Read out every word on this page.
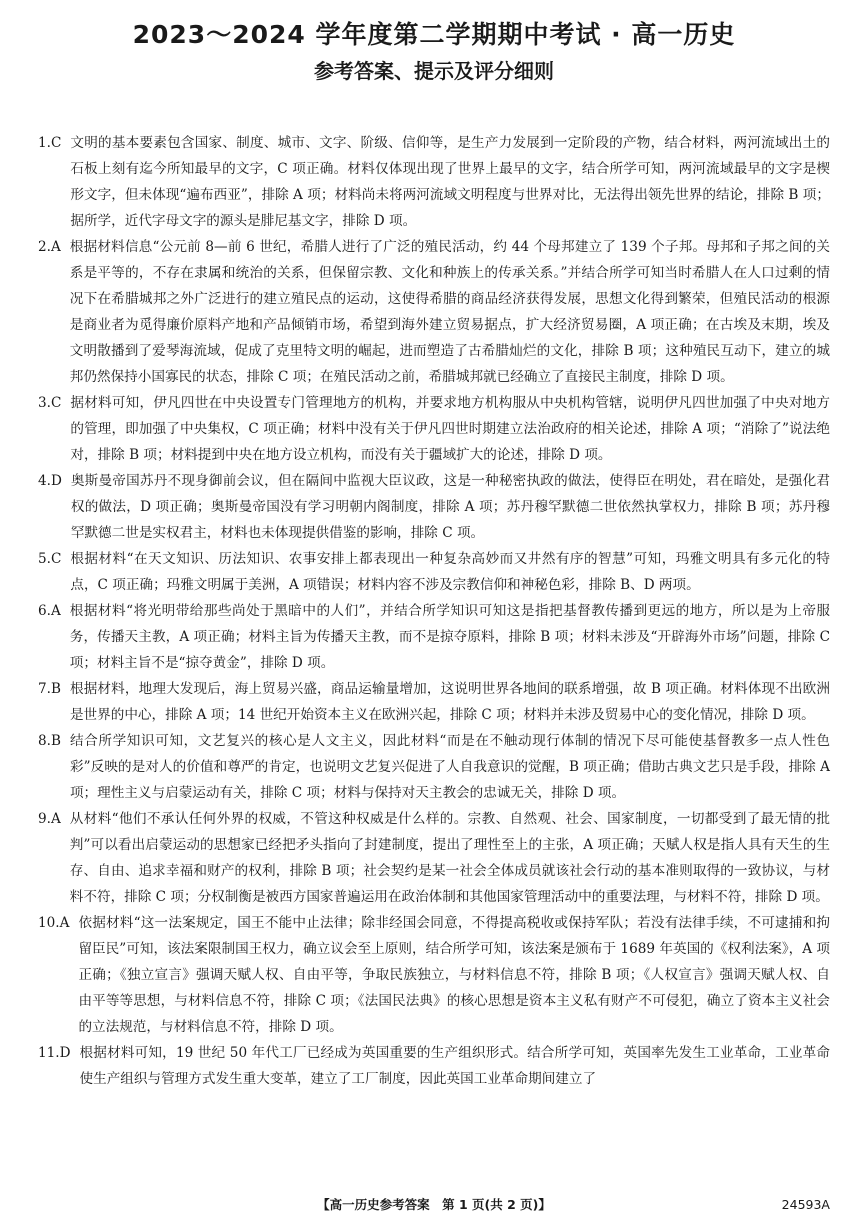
2023～2024 学年度第二学期期中考试 · 高一历史
参考答案、提示及评分细则
1.C 文明的基本要素包含国家、制度、城市、文字、阶级、信仰等，是生产力发展到一定阶段的产物，结合材料，两河流域出土的石板上刻有迄今所知最早的文字，C 项正确。材料仅体现出现了世界上最早的文字，结合所学可知，两河流域最早的文字是楔形文字，但未体现“遍布西亚”，排除 A 项；材料尚未将两河流域文明程度与世界对比，无法得出领先世界的结论，排除 B 项；据所学，近代字母文字的源头是腓尼基文字，排除 D 项。
2.A 根据材料信息“公元前 8—前 6 世纪，希腊人进行了广泛的殖民活动，约 44 个母邦建立了 139 个子邦。母邦和子邦之间的关系是平等的，不存在隶属和统治的关系，但保留宗教、文化和种族上的传承关系。”并结合所学可知当时希腊人在人口过剩的情况下在希腊城邦之外广泛进行的建立殖民点的运动，这使得希腊的商品经济获得发展，思想文化得到繁荣，但殖民活动的根源是商业者为觅得廉价原料产地和产品倾销市场，希望到海外建立贸易据点，扩大经济贸易圈，A 项正确；在古埃及末期，埃及文明散播到了爱琴海流域，促成了克里特文明的崛起，进而塑造了古希腊灿烂的文化，排除 B 项；这种殖民互动下，建立的城邦仍然保持小国寡民的状态，排除 C 项；在殖民活动之前，希腊城邦就已经确立了直接民主制度，排除 D 项。
3.C 据材料可知，伊凡四世在中央设置专门管理地方的机构，并要求地方机构服从中央机构管辖，说明伊凡四世加强了中央对地方的管理，即加强了中央集权，C 项正确；材料中没有关于伊凡四世时期建立法治政府的相关论述，排除 A 项；“消除了”说法绝对，排除 B 项；材料提到中央在地方设立机构，而没有关于疆域扩大的论述，排除 D 项。
4.D 奥斯曼帝国苏丹不现身御前会议，但在隔间中监视大臣议政，这是一种秘密执政的做法，使得臣在明处，君在暗处，是强化君权的做法，D 项正确；奥斯曼帝国没有学习明朝内阁制度，排除 A 项；苏丹穆罕默德二世依然执掌权力，排除 B 项；苏丹穆罕默德二世是实权君主，材料也未体现提供借鉴的影响，排除 C 项。
5.C 根据材料“在天文知识、历法知识、农事安排上都表现出一种复杂高妙而又井然有序的智慧”可知，玛雅文明具有多元化的特点，C 项正确；玛雅文明属于美洲，A 项错误；材料内容不涉及宗教信仰和神秘色彩，排除 B、D 两项。
6.A 根据材料“将光明带给那些尚处于黑暗中的人们”，并结合所学知识可知这是指把基督教传播到更远的地方，所以是为上帝服务，传播天主教，A 项正确；材料主旨为传播天主教，而不是掠夺原料，排除 B 项；材料未涉及“开辟海外市场”问题，排除 C 项；材料主旨不是“掠夺黄金”，排除 D 项。
7.B 根据材料，地理大发现后，海上贸易兴盛，商品运输量增加，这说明世界各地间的联系增强，故 B 项正确。材料体现不出欧洲是世界的中心，排除 A 项；14 世纪开始资本主义在欧洲兴起，排除 C 项；材料并未涉及贸易中心的变化情况，排除 D 项。
8.B 结合所学知识可知，文艺复兴的核心是人文主义，因此材料“而是在不触动现行体制的情况下尽可能使基督教多一点人性色彩”反映的是对人的价值和尊严的肯定，也说明文艺复兴促进了人自我意识的觉醒，B 项正确；借助古典文艺只是手段，排除 A 项；理性主义与启蒙运动有关，排除 C 项；材料与保持对天主教会的忠诚无关，排除 D 项。
9.A 从材料“他们不承认任何外界的权威，不管这种权威是什么样的。宗教、自然观、社会、国家制度，一切都受到了最无情的批判”可以看出启蒙运动的思想家已经把矛头指向了封建制度，提出了理性至上的主张，A 项正确；天赋人权是指人具有天生的生存、自由、追求幸福和财产的权利，排除 B 项；社会契约是某一社会全体成员就该社会行动的基本准则取得的一致协议，与材料不符，排除 C 项；分权制衡是被西方国家普遍运用在政治体制和其他国家管理活动中的重要法理，与材料不符，排除 D 项。
10.A 依据材料“这一法案规定，国王不能中止法律；除非经国会同意，不得提高税收或保持军队；若没有法律手续，不可逮捕和拘留臣民”可知，该法案限制国王权力，确立议会至上原则，结合所学可知，该法案是颁布于 1689 年英国的《权利法案》，A 项正确；《独立宣言》强调天赋人权、自由平等，争取民族独立，与材料信息不符，排除 B 项；《人权宣言》强调天赋人权、自由平等等思想，与材料信息不符，排除 C 项；《法国民法典》的核心思想是资本主义私有财产不可侵犯，确立了资本主义社会的立法规范，与材料信息不符，排除 D 项。
11.D 根据材料可知，19 世纪 50 年代工厂已经成为英国重要的生产组织形式。结合所学可知，英国率先发生工业革命，工业革命使生产组织与管理方式发生重大变革，建立了工厂制度，因此英国工业革命期间建立了
【高一历史参考答案　第 1 页(共 2 页)】	24593A
